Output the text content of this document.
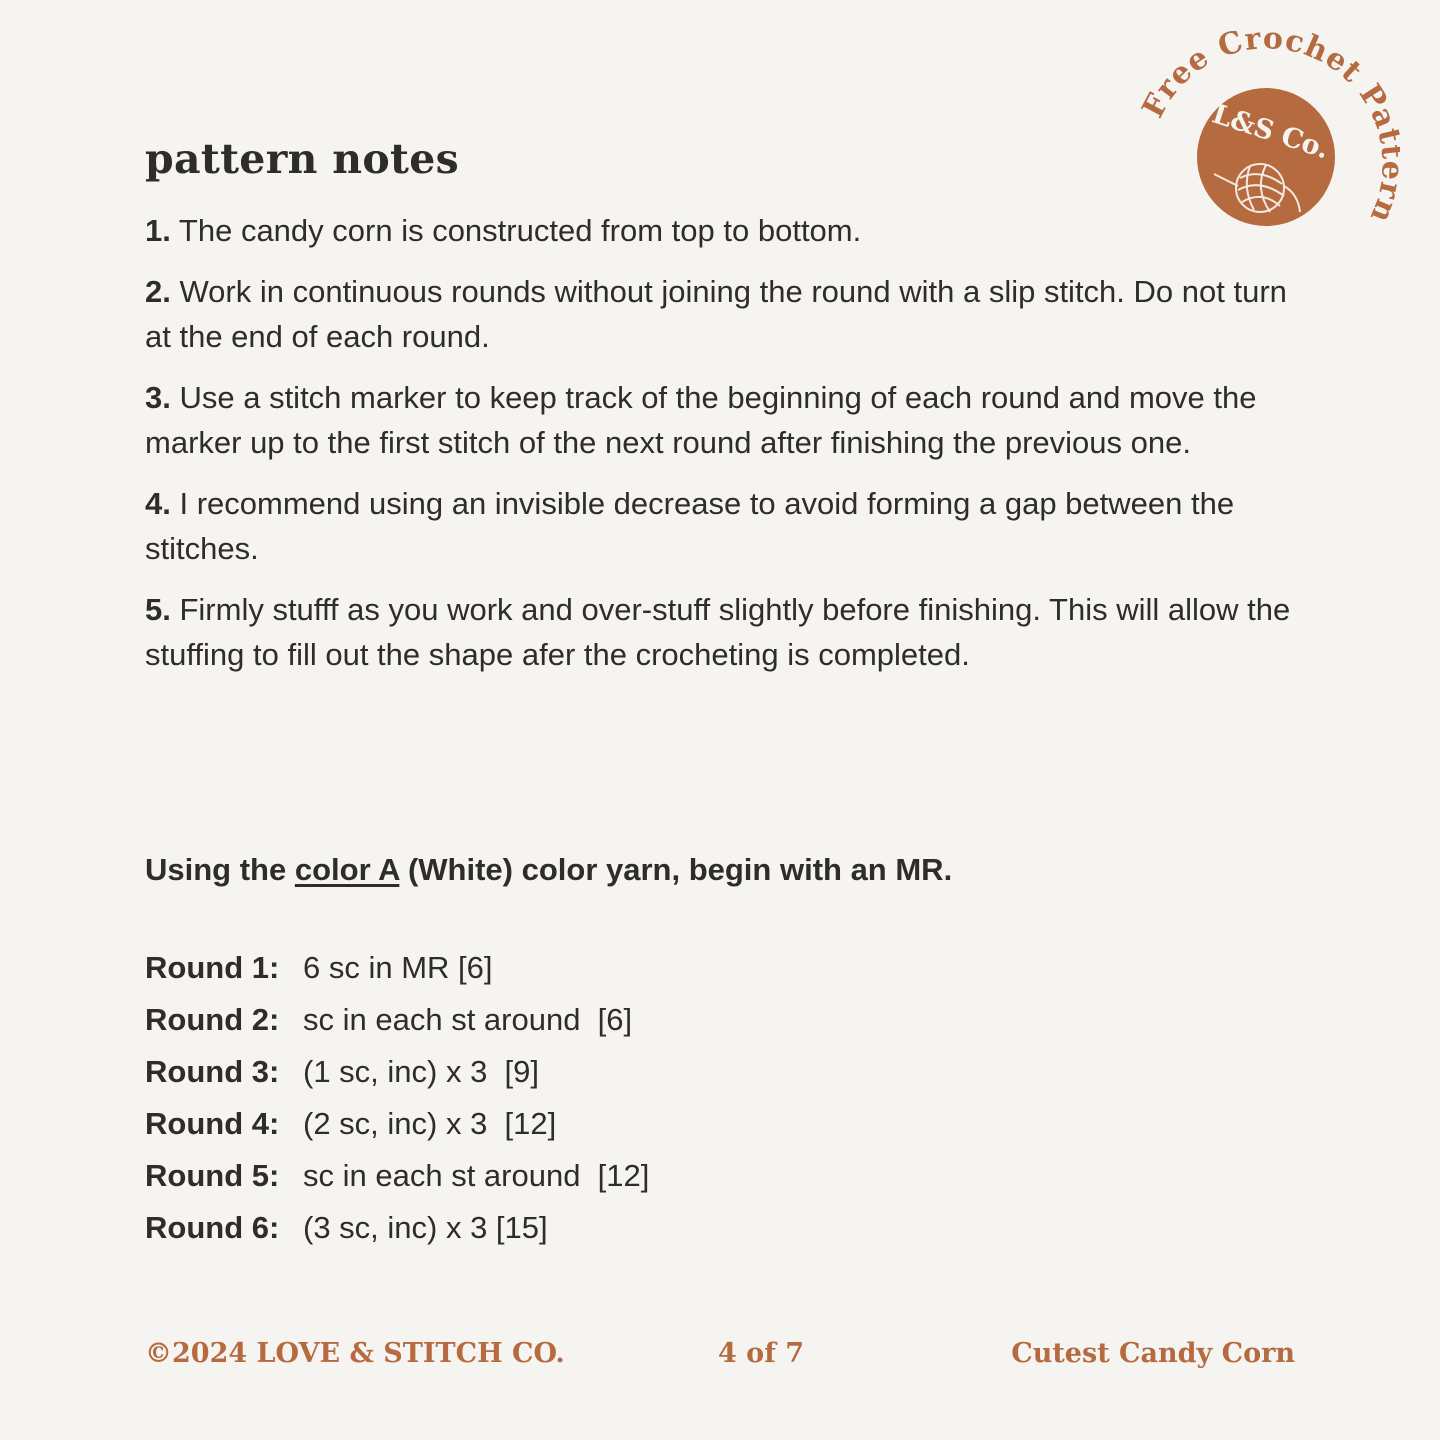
Free Crochet Pa n
L&S Co.
pattern notes

1. The candy corn is constructed from top to bottom.

2. Work in continuous rounds without joining the round with a slip stitch. Do not turn at the end of each round.

3. Use a stitch marker to keep track of the beginning of each round and move the marker up to the first stitch of the next round after finishing the previous one.

4. I recommend using an invisible decrease to avoid forming a gap between the stitches.

5. Firmly stufff as you work and over-stuff slightly before finishing. This will allow the stuffing to fill out the shape afer the crocheting is completed.

Using the color A (White) color yarn, begin with an MR.

Round 1: 6 sc in MR [6]
Round 2: sc in each st around  [6]
Round 3: (1 sc, inc) x 3  [9]
Round 4: (2 sc, inc) x 3  [12]
Round 5: sc in each st around  [12]
Round 6: (3 sc, inc) x 3 [15]
©2024 LOVE & STITCH CO.	4 of 7	Cutest Candy Corn
